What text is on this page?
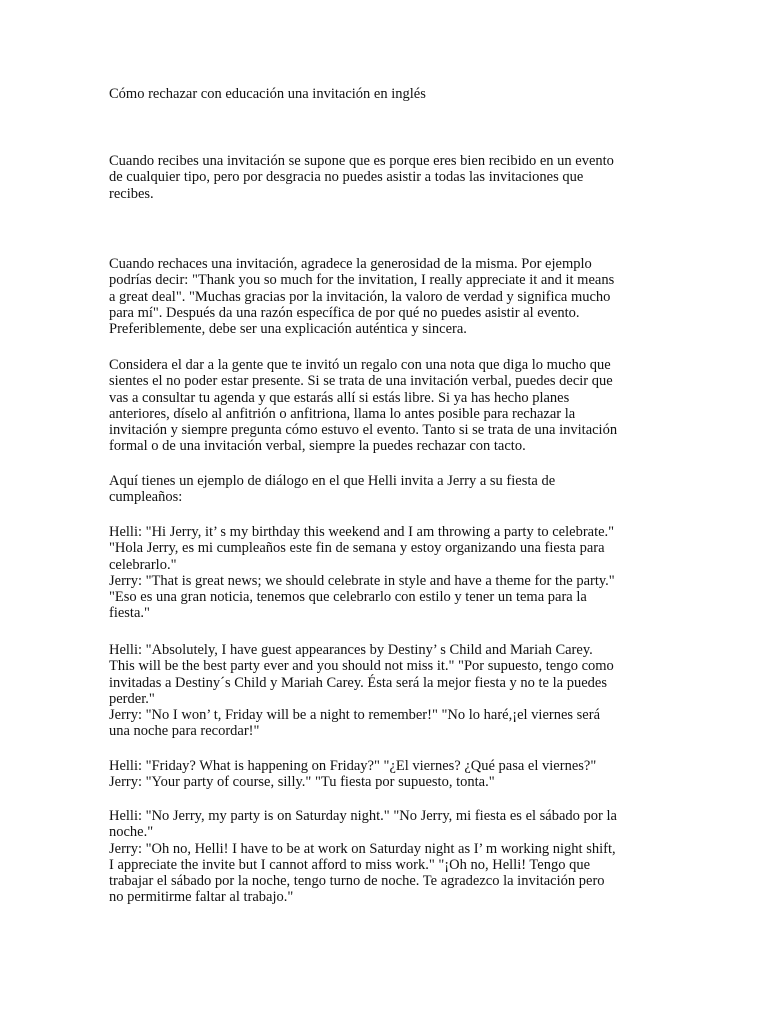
Cómo rechazar con educación una invitación en inglés

Cuando recibes una invitación se supone que es porque eres bien recibido en un evento
de cualquier tipo, pero por desgracia no puedes asistir a todas las invitaciones que
recibes.

Cuando rechaces una invitación, agradece la generosidad de la misma. Por ejemplo
podrías decir: "Thank you so much for the invitation, I really appreciate it and it means
a great deal". "Muchas gracias por la invitación, la valoro de verdad y significa mucho
para mí". Después da una razón específica de por qué no puedes asistir al evento.
Preferiblemente, debe ser una explicación auténtica y sincera.

Considera el dar a la gente que te invitó un regalo con una nota que diga lo mucho que
sientes el no poder estar presente. Si se trata de una invitación verbal, puedes decir que
vas a consultar tu agenda y que estarás allí si estás libre. Si ya has hecho planes
anteriores, díselo al anfitrión o anfitriona, llama lo antes posible para rechazar la
invitación y siempre pregunta cómo estuvo el evento. Tanto si se trata de una invitación
formal o de una invitación verbal, siempre la puedes rechazar con tacto.

Aquí tienes un ejemplo de diálogo en el que Helli invita a Jerry a su fiesta de
cumpleaños:

Helli: "Hi Jerry, it’ s my birthday this weekend and I am throwing a party to celebrate."
"Hola Jerry, es mi cumpleaños este fin de semana y estoy organizando una fiesta para
celebrarlo."
Jerry: "That is great news; we should celebrate in style and have a theme for the party."
"Eso es una gran noticia, tenemos que celebrarlo con estilo y tener un tema para la
fiesta."

Helli: "Absolutely, I have guest appearances by Destiny’ s Child and Mariah Carey.
This will be the best party ever and you should not miss it." "Por supuesto, tengo como
invitadas a Destiny´s Child y Mariah Carey. Ésta será la mejor fiesta y no te la puedes
perder."
Jerry: "No I won’ t, Friday will be a night to remember!" "No lo haré,¡el viernes será
una noche para recordar!"

Helli: "Friday? What is happening on Friday?" "¿El viernes? ¿Qué pasa el viernes?"
Jerry: "Your party of course, silly." "Tu fiesta por supuesto, tonta."

Helli: "No Jerry, my party is on Saturday night." "No Jerry, mi fiesta es el sábado por la
noche."
Jerry: "Oh no, Helli! I have to be at work on Saturday night as I’ m working night shift,
I appreciate the invite but I cannot afford to miss work." "¡Oh no, Helli! Tengo que
trabajar el sábado por la noche, tengo turno de noche. Te agradezco la invitación pero
no permitirme faltar al trabajo."
